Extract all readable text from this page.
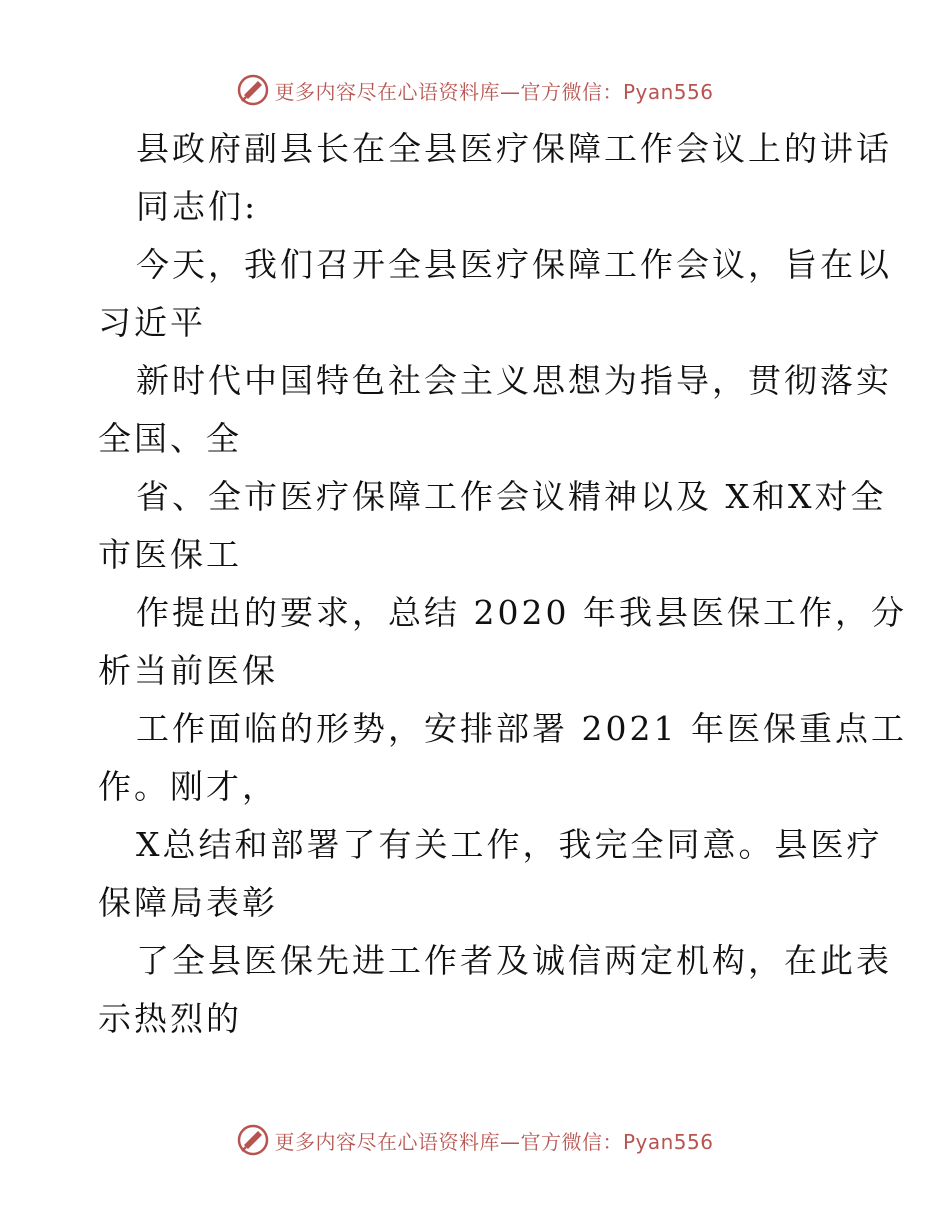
更多内容尽在心语资料库—官方微信：Pyan556
县政府副县长在全县医疗保障工作会议上的讲话
同志们:
今天，我们召开全县医疗保障工作会议，旨在以
习近平
新时代中国特色社会主义思想为指导，贯彻落实
全国、全
省、全市医疗保障工作会议精神以及 X和X对全
市医保工
作提出的要求，总结 2020 年我县医保工作，分
析当前医保
工作面临的形势，安排部署 2021 年医保重点工
作。刚才，
X总结和部署了有关工作，我完全同意。县医疗
保障局表彰
了全县医保先进工作者及诚信两定机构，在此表
示热烈的
更多内容尽在心语资料库—官方微信：Pyan556
